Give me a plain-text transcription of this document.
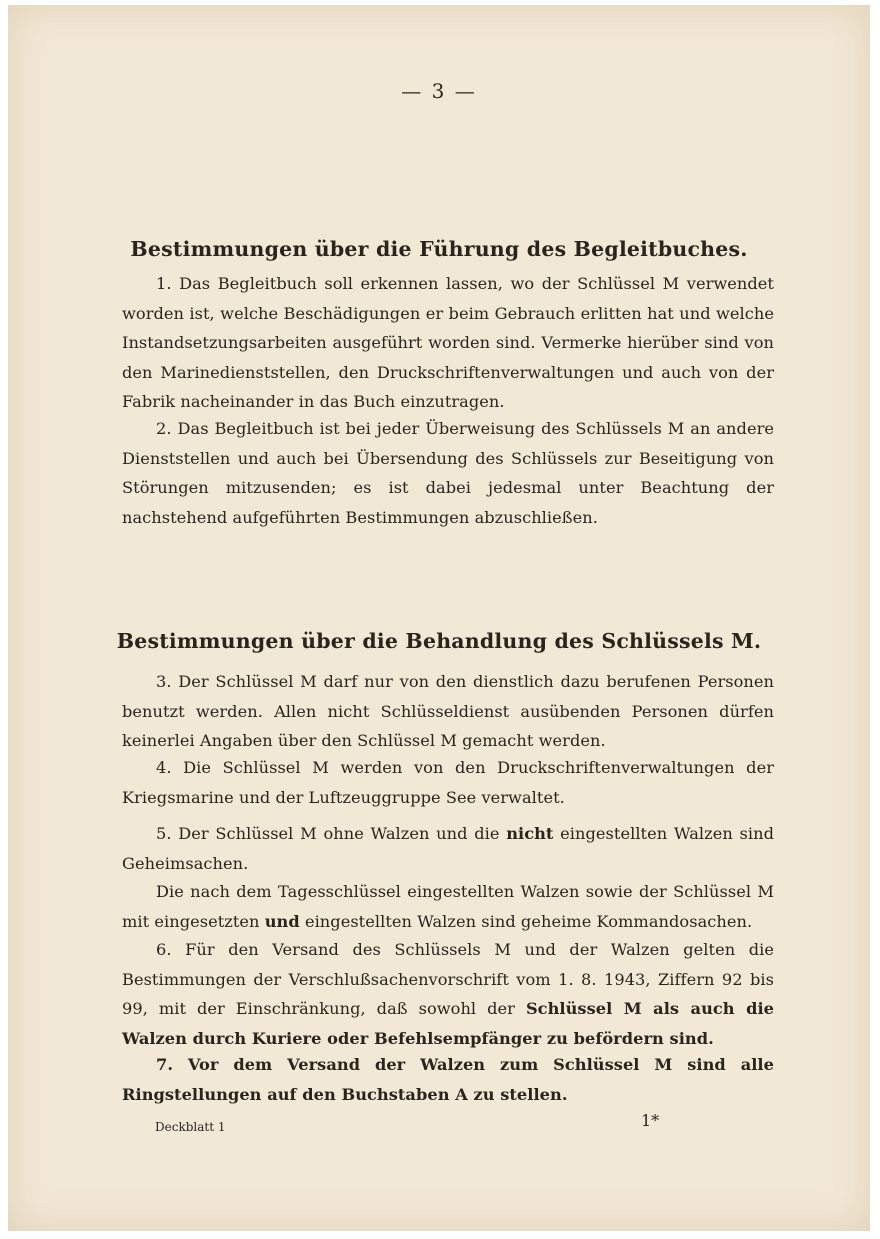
— 3 —
Bestimmungen über die Führung des Begleitbuches.
1. Das Begleitbuch soll erkennen lassen, wo der Schlüssel M verwendet worden ist, welche Beschädigungen er beim Gebrauch erlitten hat und welche Instandsetzungsarbeiten ausgeführt worden sind. Vermerke hierüber sind von den Marinedienststellen, den Druckschriftenverwaltungen und auch von der Fabrik nacheinander in das Buch einzutragen.
2. Das Begleitbuch ist bei jeder Überweisung des Schlüssels M an andere Dienststellen und auch bei Übersendung des Schlüssels zur Beseitigung von Störungen mitzusenden; es ist dabei jedesmal unter Beachtung der nachstehend aufgeführten Bestimmungen abzuschließen.
Bestimmungen über die Behandlung des Schlüssels M.
3. Der Schlüssel M darf nur von den dienstlich dazu berufenen Personen benutzt werden. Allen nicht Schlüsseldienst ausübenden Personen dürfen keinerlei Angaben über den Schlüssel M gemacht werden.
4. Die Schlüssel M werden von den Druckschriftenverwaltungen der Kriegsmarine und der Luftzeuggruppe See verwaltet.
5. Der Schlüssel M ohne Walzen und die nicht eingestellten Walzen sind Geheimsachen.
Die nach dem Tagesschlüssel eingestellten Walzen sowie der Schlüssel M mit eingesetzten und eingestellten Walzen sind geheime Kommandosachen.
6. Für den Versand des Schlüssels M und der Walzen gelten die Bestimmungen der Verschlußsachenvorschrift vom 1. 8. 1943, Ziffern 92 bis 99, mit der Einschränkung, daß sowohl der Schlüssel M als auch die Walzen durch Kuriere oder Befehlsempfänger zu befördern sind.
7. Vor dem Versand der Walzen zum Schlüssel M sind alle Ringstellungen auf den Buchstaben A zu stellen.
Deckblatt 1	1*
